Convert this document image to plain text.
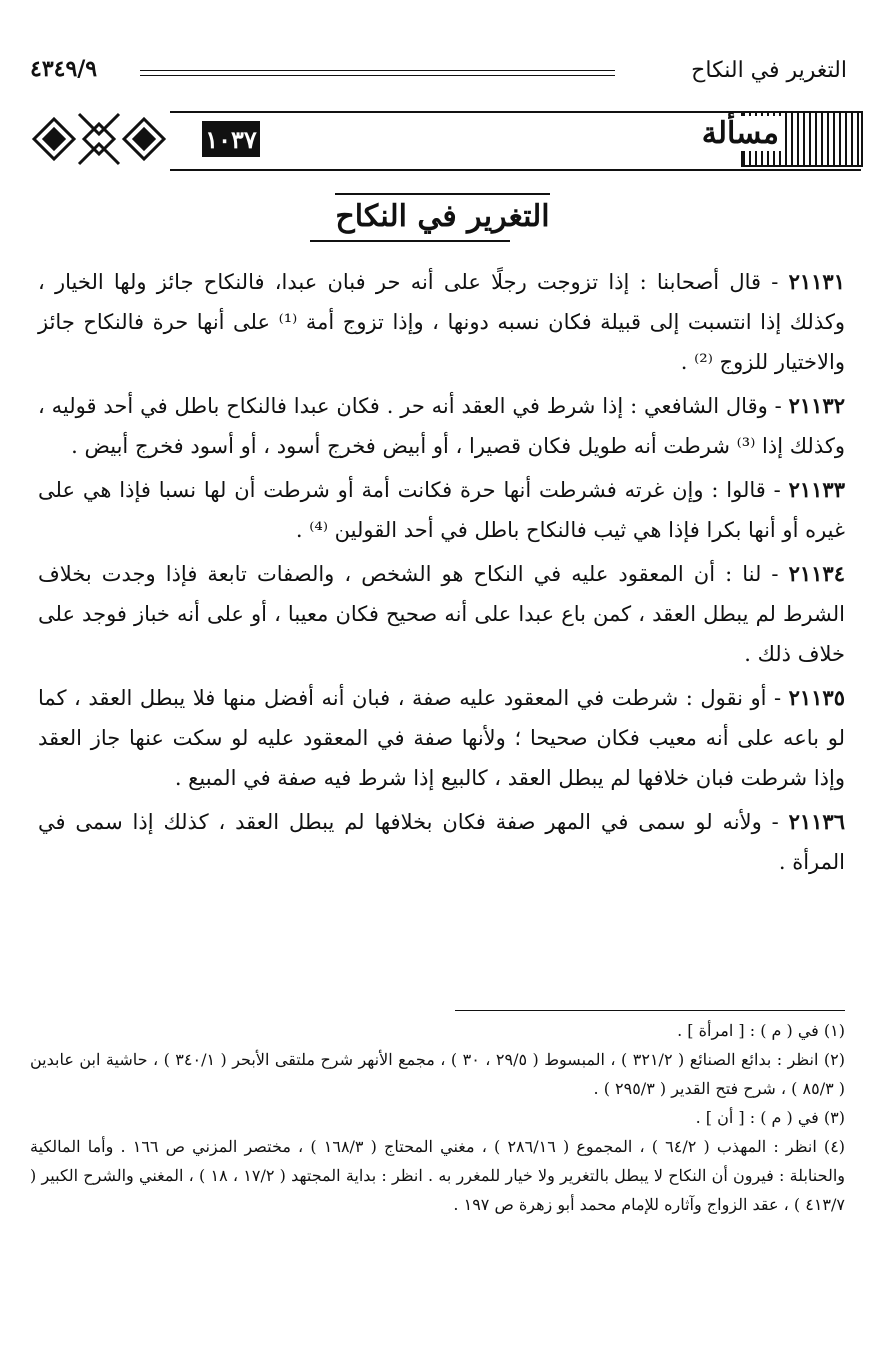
٤٣٤٩/٩	التغرير في النكاح
مسألة
١٠٣٧
التغرير في النكاح

٢١١٣١ - قال أصحابنا : إذا تزوجت رجلًا على أنه حر فبان عبدا، فالنكاح جائز ولها الخيار ، وكذلك إذا انتسبت إلى قبيلة فكان نسبه دونها ، وإذا تزوج أمة ⁽¹⁾ على أنها حرة فالنكاح جائز والاختيار للزوج ⁽²⁾ .

٢١١٣٢ - وقال الشافعي : إذا شرط في العقد أنه حر . فكان عبدا فالنكاح باطل في أحد قوليه ، وكذلك إذا ⁽³⁾ شرطت أنه طويل فكان قصيرا ، أو أبيض فخرج أسود ، أو أسود فخرج أبيض .

٢١١٣٣ - قالوا : وإن غرته فشرطت أنها حرة فكانت أمة أو شرطت أن لها نسبا فإذا هي على غيره أو أنها بكرا فإذا هي ثيب فالنكاح باطل في أحد القولين ⁽⁴⁾ .

٢١١٣٤ - لنا : أن المعقود عليه في النكاح هو الشخص ، والصفات تابعة فإذا وجدت بخلاف الشرط لم يبطل العقد ، كمن باع عبدا على أنه صحيح فكان معيبا ، أو على أنه خباز فوجد على خلاف ذلك .

٢١١٣٥ - أو نقول : شرطت في المعقود عليه صفة ، فبان أنه أفضل منها فلا يبطل العقد ، كما لو باعه على أنه معيب فكان صحيحا ؛ ولأنها صفة في المعقود عليه لو سكت عنها جاز العقد وإذا شرطت فبان خلافها لم يبطل العقد ، كالبيع إذا شرط فيه صفة في المبيع .

٢١١٣٦ - ولأنه لو سمى في المهر صفة فكان بخلافها لم يبطل العقد ، كذلك إذا سمى في المرأة .

(١) في ( م ) : [ امرأة ] .

(٢) انظر : بدائع الصنائع ( ٣٢١/٢ ) ، المبسوط ( ٢٩/٥ ، ٣٠ ) ، مجمع الأنهر شرح ملتقى الأبحر ( ٣٤٠/١ ) ، حاشية ابن عابدين ( ٨٥/٣ ) ، شرح فتح القدير ( ٢٩٥/٣ ) .

(٣) في ( م ) : [ أن ] .

(٤) انظر : المهذب ( ٦٤/٢ ) ، المجموع ( ٢٨٦/١٦ ) ، مغني المحتاج ( ١٦٨/٣ ) ، مختصر المزني ص ١٦٦ . وأما المالكية والحنابلة : فيرون أن النكاح لا يبطل بالتغرير ولا خيار للمغرر به . انظر : بداية المجتهد ( ١٧/٢ ، ١٨ ) ، المغني والشرح الكبير ( ٤١٣/٧ ) ، عقد الزواج وآثاره للإمام محمد أبو زهرة ص ١٩٧ .
